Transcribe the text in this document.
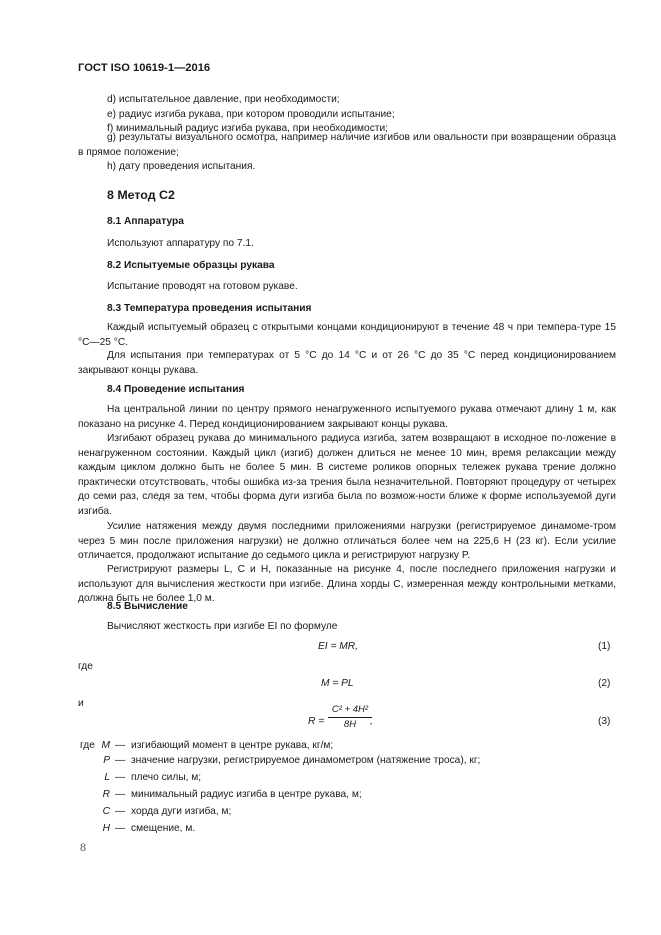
ГОСТ ISO 10619-1—2016
d) испытательное давление, при необходимости;
e) радиус изгиба рукава, при котором проводили испытание;
f) минимальный радиус изгиба рукава, при необходимости;
g) результаты визуального осмотра, например наличие изгибов или овальности при возвращении образца в прямое положение;
h) дату проведения испытания.
8 Метод С2
8.1 Аппаратура
Используют аппаратуру по 7.1.
8.2 Испытуемые образцы рукава
Испытание проводят на готовом рукаве.
8.3 Температура проведения испытания
Каждый испытуемый образец с открытыми концами кондиционируют в течение 48 ч при темпера-туре 15 °С—25 °С.
Для испытания при температурах от 5 °С до 14 °С и от 26 °С до 35 °С перед кондиционированием закрывают концы рукава.
8.4 Проведение испытания
На центральной линии по центру прямого ненагруженного испытуемого рукава отмечают длину 1 м, как показано на рисунке 4. Перед кондиционированием закрывают концы рукава.
Изгибают образец рукава до минимального радиуса изгиба, затем возвращают в исходное по-ложение в ненагруженном состоянии. Каждый цикл (изгиб) должен длиться не менее 10 мин, время релаксации между каждым циклом должно быть не более 5 мин. В системе роликов опорных тележек рукава трение должно практически отсутствовать, чтобы ошибка из-за трения была незначительной. Повторяют процедуру от четырех до семи раз, следя за тем, чтобы форма дуги изгиба была по возмож-ности ближе к форме используемой дуги изгиба.
Усилие натяжения между двумя последними приложениями нагрузки (регистрируемое динамоме-тром через 5 мин после приложения нагрузки) не должно отличаться более чем на 225,6 Н (23 кг). Если усилие отличается, продолжают испытание до седьмого цикла и регистрируют нагрузку P.
Регистрируют размеры L, C и H, показанные на рисунке 4, после последнего приложения нагрузки и используют для вычисления жесткости при изгибе. Длина хорды C, измеренная между контрольными метками, должна быть не более 1,0 м.
8.5 Вычисление
Вычисляют жесткость при изгибе EI по формуле
EI = MR,	(1)
где
M = PL	(2)
и
$R = \frac{\text{C² + 4H²}}{8H}$
,	(3)
где M — изгибающий момент в центре рукава, кг/м;
P — значение нагрузки, регистрируемое динамометром (натяжение троса), кг;
L — плечо силы, м;
R — минимальный радиус изгиба в центре рукава, м;
C — хорда дуги изгиба, м;
H — смещение, м.
8
